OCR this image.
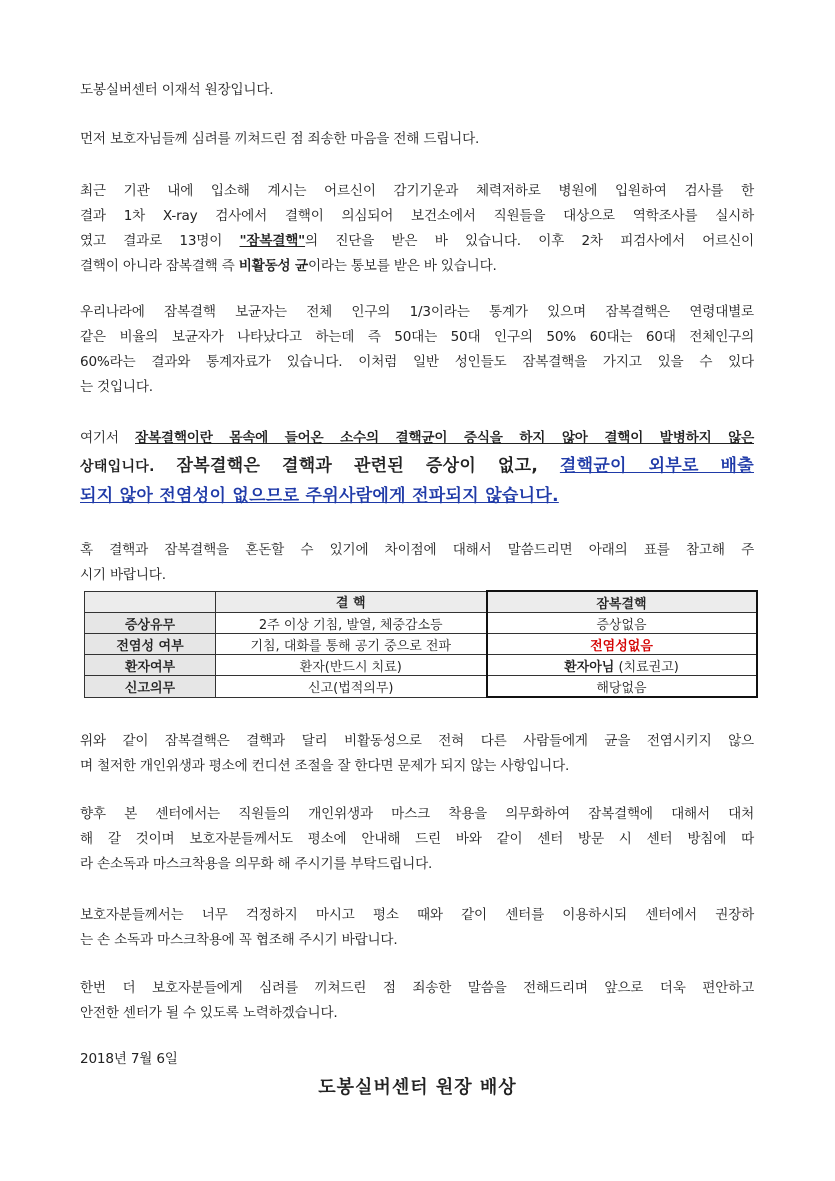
도봉실버센터 이재석 원장입니다.
먼저 보호자님들께 심려를 끼쳐드린 점 죄송한 마음을 전해 드립니다.
최근 기관 내에 입소해 계시는 어르신이 감기기운과 체력저하로 병원에 입원하여 검사를 한
결과 1차 X-ray 검사에서 결핵이 의심되어 보건소에서 직원들을 대상으로 역학조사를 실시하
였고 결과로 13명이 "잠복결핵"의 진단을 받은 바 있습니다. 이후 2차 피검사에서 어르신이
결핵이 아니라 잠복결핵 즉 비활동성 균이라는 통보를 받은 바 있습니다.
우리나라에 잠복결핵 보균자는 전체 인구의 1/3이라는 통계가 있으며 잠복결핵은 연령대별로
같은 비율의 보균자가 나타났다고 하는데 즉 50대는 50대 인구의 50% 60대는 60대 전체인구의
60%라는 결과와 통계자료가 있습니다. 이처럼 일반 성인들도 잠복결핵을 가지고 있을 수 있다
는 것입니다.
여기서 잠복결핵이란 몸속에 들어온 소수의 결핵균이 증식을 하지 않아 결핵이 발병하지 않은
상태입니다. 잠복결핵은 결핵과 관련된 증상이 없고, 결핵균이 외부로 배출
되지 않아 전염성이 없으므로 주위사람에게 전파되지 않습니다.
혹 결핵과 잠복결핵을 혼돈할 수 있기에 차이점에 대해서 말씀드리면 아래의 표를 참고해 주
시기 바랍니다.
	결 핵	잠복결핵
증상유무	2주 이상 기침, 발열, 체중감소등	증상없음
전염성 여부	기침, 대화를 통해 공기 중으로 전파	전염성없음
환자여부	환자(반드시 치료)	환자아님 (치료권고)
신고의무	신고(법적의무)	해당없음
위와 같이 잠복결핵은 결핵과 달리 비활동성으로 전혀 다른 사람들에게 균을 전염시키지 않으
며 철저한 개인위생과 평소에 컨디션 조절을 잘 한다면 문제가 되지 않는 사항입니다.
향후 본 센터에서는 직원들의 개인위생과 마스크 착용을 의무화하여 잠복결핵에 대해서 대처
해 갈 것이며 보호자분들께서도 평소에 안내해 드린 바와 같이 센터 방문 시 센터 방침에 따
라 손소독과 마스크착용을 의무화 해 주시기를 부탁드립니다.
보호자분들께서는 너무 걱정하지 마시고 평소 때와 같이 센터를 이용하시되 센터에서 권장하
는 손 소독과 마스크착용에 꼭 협조해 주시기 바랍니다.
한번 더 보호자분들에게 심려를 끼쳐드린 점 죄송한 말씀을 전해드리며 앞으로 더욱 편안하고
안전한 센터가 될 수 있도록 노력하겠습니다.
2018년 7월 6일
도봉실버센터 원장 배상
